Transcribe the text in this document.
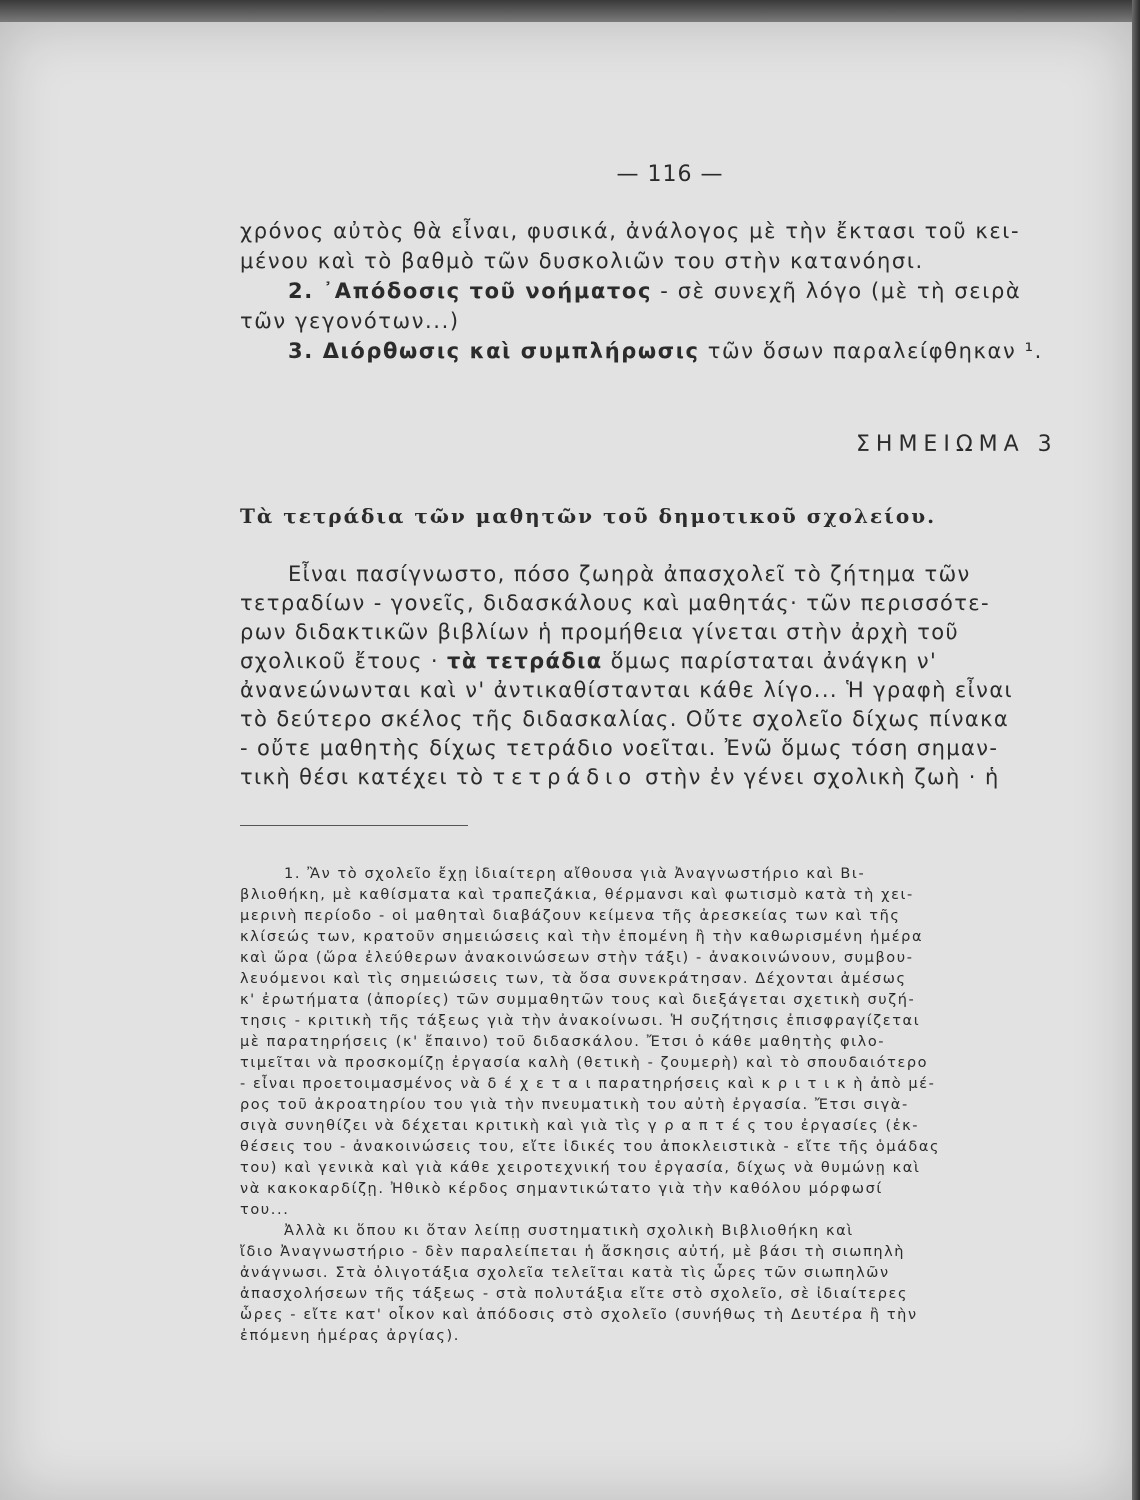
— 116 —

χρόνος αὐτὸς θὰ εἶναι, φυσικά, ἀνάλογος μὲ τὴν ἔκτασι τοῦ κει-

μένου καὶ τὸ βαθμὸ τῶν δυσκολιῶν του στὴν κατανόησι.

2. ᾿Απόδοσις τοῦ νοήματος - σὲ συνεχῆ λόγο (μὲ τὴ σειρὰ

τῶν γεγονότων...)

3. Διόρθωσις καὶ συμπλήρωσις τῶν ὅσων παραλείφθηκαν ¹.

ΣΗΜΕΙΩΜΑ 3
Τὰ τετράδια τῶν μαθητῶν τοῦ δημοτικοῦ σχολείου.

Εἶναι πασίγνωστο, πόσο ζωηρὰ ἀπασχολεῖ τὸ ζήτημα τῶν

τετραδίων - γονεῖς, διδασκάλους καὶ μαθητάς· τῶν περισσότε-

ρων διδακτικῶν βιβλίων ἡ προμήθεια γίνεται στὴν ἀρχὴ τοῦ

σχολικοῦ ἔτους · τὰ τετράδια ὅμως παρίσταται ἀνάγκη ν'

ἀνανεώνωνται καὶ ν' ἀντικαθίστανται κάθε λίγο... Ἡ γραφὴ εἶναι

τὸ δεύτερο σκέλος τῆς διδασκαλίας. Οὔτε σχολεῖο δίχως πίνακα

- οὔτε μαθητὴς δίχως τετράδιο νοεῖται. Ἐνῶ ὅμως τόση σημαν-

τικὴ θέσι κατέχει τὸ τετράδιο στὴν ἐν γένει σχολικὴ ζωὴ · ἡ

1. Ἂν τὸ σχολεῖο ἔχῃ ἰδιαίτερη αἴθουσα γιὰ Ἀναγνωστήριο καὶ Βι-

βλιοθήκη, μὲ καθίσματα καὶ τραπεζάκια, θέρμανσι καὶ φωτισμὸ κατὰ τὴ χει-

μερινὴ περίοδο - οἱ μαθηταὶ διαβάζουν κείμενα τῆς ἀρεσκείας των καὶ τῆς

κλίσεώς των, κρατοῦν σημειώσεις καὶ τὴν ἐπομένη ἢ τὴν καθωρισμένη ἡμέρα

καὶ ὥρα (ὥρα ἐλεύθερων ἀνακοινώσεων στὴν τάξι) - ἀνακοινώνουν, συμβου-

λευόμενοι καὶ τὶς σημειώσεις των, τὰ ὅσα συνεκράτησαν. Δέχονται ἀμέσως

κ' ἐρωτήματα (ἀπορίες) τῶν συμμαθητῶν τους καὶ διεξάγεται σχετικὴ συζή-

τησις - κριτικὴ τῆς τάξεως γιὰ τὴν ἀνακοίνωσι. Ἡ συζήτησις ἐπισφραγίζεται

μὲ παρατηρήσεις (κ' ἔπαινο) τοῦ διδασκάλου. Ἔτσι ὁ κάθε μαθητὴς φιλο-

τιμεῖται νὰ προσκομίζῃ ἐργασία καλὴ (θετικὴ - ζουμερὴ) καὶ τὸ σπουδαιότερο

- εἶναι προετοιμασμένος νὰ δ έ χ ε τ α ι παρατηρήσεις καὶ κ ρ ι τ ι κ ὴ ἀπὸ μέ-

ρος τοῦ ἀκροατηρίου του γιὰ τὴν πνευματικὴ του αὐτὴ ἐργασία. Ἔτσι σιγὰ-

σιγὰ συνηθίζει νὰ δέχεται κριτικὴ καὶ γιὰ τὶς γ ρ α π τ έ ς του ἐργασίες (ἐκ-

θέσεις του - ἀνακοινώσεις του, εἴτε ἰδικές του ἀποκλειστικὰ - εἴτε τῆς ὁμάδας

του) καὶ γενικὰ καὶ γιὰ κάθε χειροτεχνική του ἐργασία, δίχως νὰ θυμώνῃ καὶ

νὰ κακοκαρδίζῃ. Ἠθικὸ κέρδος σημαντικώτατο γιὰ τὴν καθόλου μόρφωσί

του...

Ἀλλὰ κι ὅπου κι ὅταν λείπῃ συστηματικὴ σχολικὴ Βιβλιοθήκη καὶ

ἴδιο Ἀναγνωστήριο - δὲν παραλείπεται ἡ ἄσκησις αὐτή, μὲ βάσι τὴ σιωπηλὴ

ἀνάγνωσι. Στὰ ὀλιγοτάξια σχολεῖα τελεῖται κατὰ τὶς ὧρες τῶν σιωπηλῶν

ἀπασχολήσεων τῆς τάξεως - στὰ πολυτάξια εἴτε στὸ σχολεῖο, σὲ ἰδιαίτερες

ὧρες - εἴτε κατ' οἶκον καὶ ἀπόδοσις στὸ σχολεῖο (συνήθως τὴ Δευτέρα ἢ τὴν

ἐπόμενη ἡμέρας ἀργίας).
